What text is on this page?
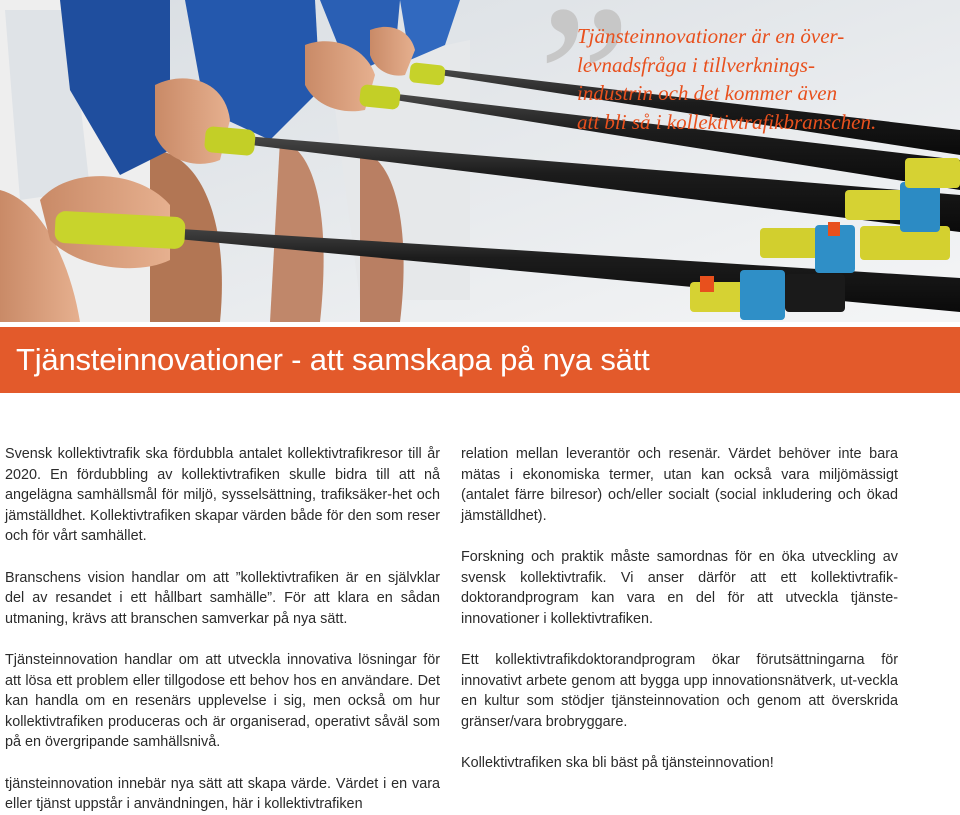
”
Tjänsteinnovationer är en över-
levnadsfråga i tillverknings-
industrin och det kommer även
att bli så i kollektivtrafikbranschen.
Tjänsteinnovationer - att samskapa på nya sätt

Svensk kollektivtrafik ska fördubbla antalet kollektivtrafikresor till år 2020. En fördubbling av kollektivtrafiken skulle bidra till att nå angelägna samhällsmål för miljö, sysselsättning, trafiksäker-het och jämställdhet. Kollektivtrafiken skapar värden både för den som reser och för vårt samhället.

Branschens vision handlar om att ”kollektivtrafiken är en självklar del av resandet i ett hållbart samhälle”. För att klara en sådan utmaning, krävs att branschen samverkar på nya sätt.

Tjänsteinnovation handlar om att utveckla innovativa lösningar för att lösa ett problem eller tillgodose ett behov hos en användare. Det kan handla om en resenärs upplevelse i sig, men också om hur kollektivtrafiken produceras och är organiserad, operativt såväl som på en övergripande samhällsnivå.

tjänsteinnovation innebär nya sätt att skapa värde. Värdet i en vara eller tjänst uppstår i användningen, här i kollektivtrafiken

relation mellan leverantör och resenär. Värdet behöver inte bara mätas i ekonomiska termer, utan kan också vara miljömässigt (antalet färre bilresor) och/eller socialt (social inkludering och ökad jämställdhet).

Forskning och praktik måste samordnas för en öka utveckling av svensk kollektivtrafik. Vi anser därför att ett kollektivtrafik-doktorandprogram kan vara en del för att utveckla tjänste-innovationer i kollektivtrafiken.

Ett kollektivtrafikdoktorandprogram ökar förutsättningarna för innovativt arbete genom att bygga upp innovationsnätverk, ut-veckla en kultur som stödjer tjänsteinnovation och genom att överskrida gränser/vara brobryggare.

Kollektivtrafiken ska bli bäst på tjänsteinnovation!
